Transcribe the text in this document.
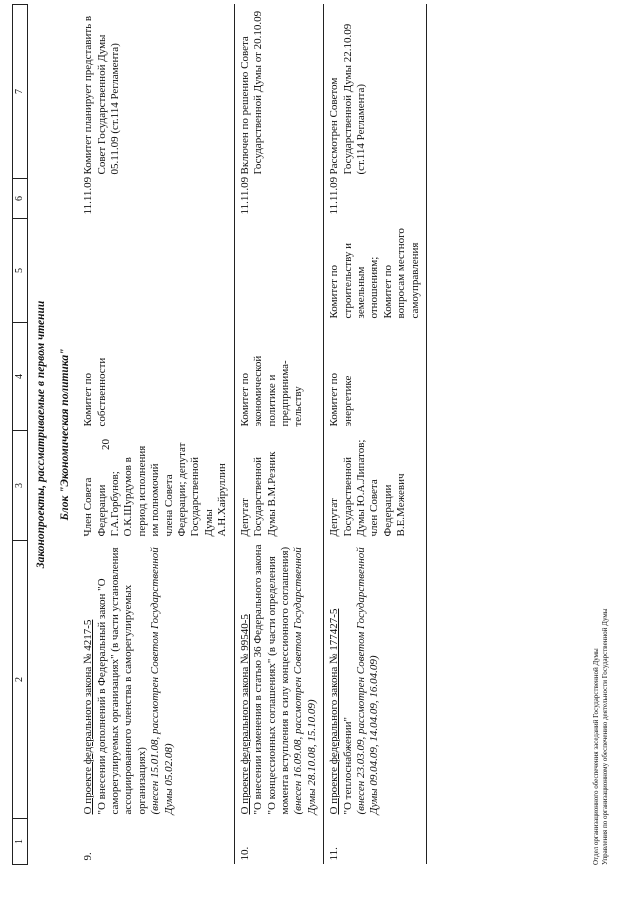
20
1	2	3	4	5	6	7
Законопроекты, рассматриваемые в первом чтении						
Блок "Экономическая политика"						
9.	О проекте федерального закона № 4217-5 "О внесении дополнений в Федеральный закон "О саморегулируемых организациях" (в части установления ассоциированного членства в саморегулируемых организациях) (внесен 15.01.08, рассмотрен Советом Государственной Думы 05.02.08)	Член Совета Федерации Г.А.Горбунов; О.К.Шурдумов в период исполнения им полномочий члена Совета Федерации; депутат Государственной Думы А.Н.Хайруллин	Комитет по собственности		11.11.09	Комитет планирует представить в Совет Государственной Думы 05.11.09 (ст.114 Регламента)
10.	О проекте федерального закона № 99540-5 "О внесении изменения в статью 36 Федерального закона "О концессионных соглашениях" (в части определения момента вступления в силу концессионного соглашения) (внесен 16.09.08, рассмотрен Советом Государственной Думы 28.10.08, 15.10.09)	Депутат Государственной Думы В.М.Резник	Комитет по экономической политике и предпринима-тельству		11.11.09	Включен по решению Совета Государственной Думы от 20.10.09
11.	О проекте федерального закона № 177427-5 "О теплоснабжении" (внесен 23.03.09, рассмотрен Советом Государственной Думы 09.04.09, 14.04.09, 16.04.09)	Депутат Государственной Думы Ю.А.Липатов; член Совета Федерации В.Е.Межевич	Комитет по энергетике	Комитет по строительству и земельным отношениям; Комитет по вопросам местного самоуправления	11.11.09	Рассмотрен Советом Государственной Думы 22.10.09 (ст.114 Регламента)
Отдел организационного обеспечения заседаний Государственной Думы Управления по организационному обеспечению деятельности Государственной Думы
